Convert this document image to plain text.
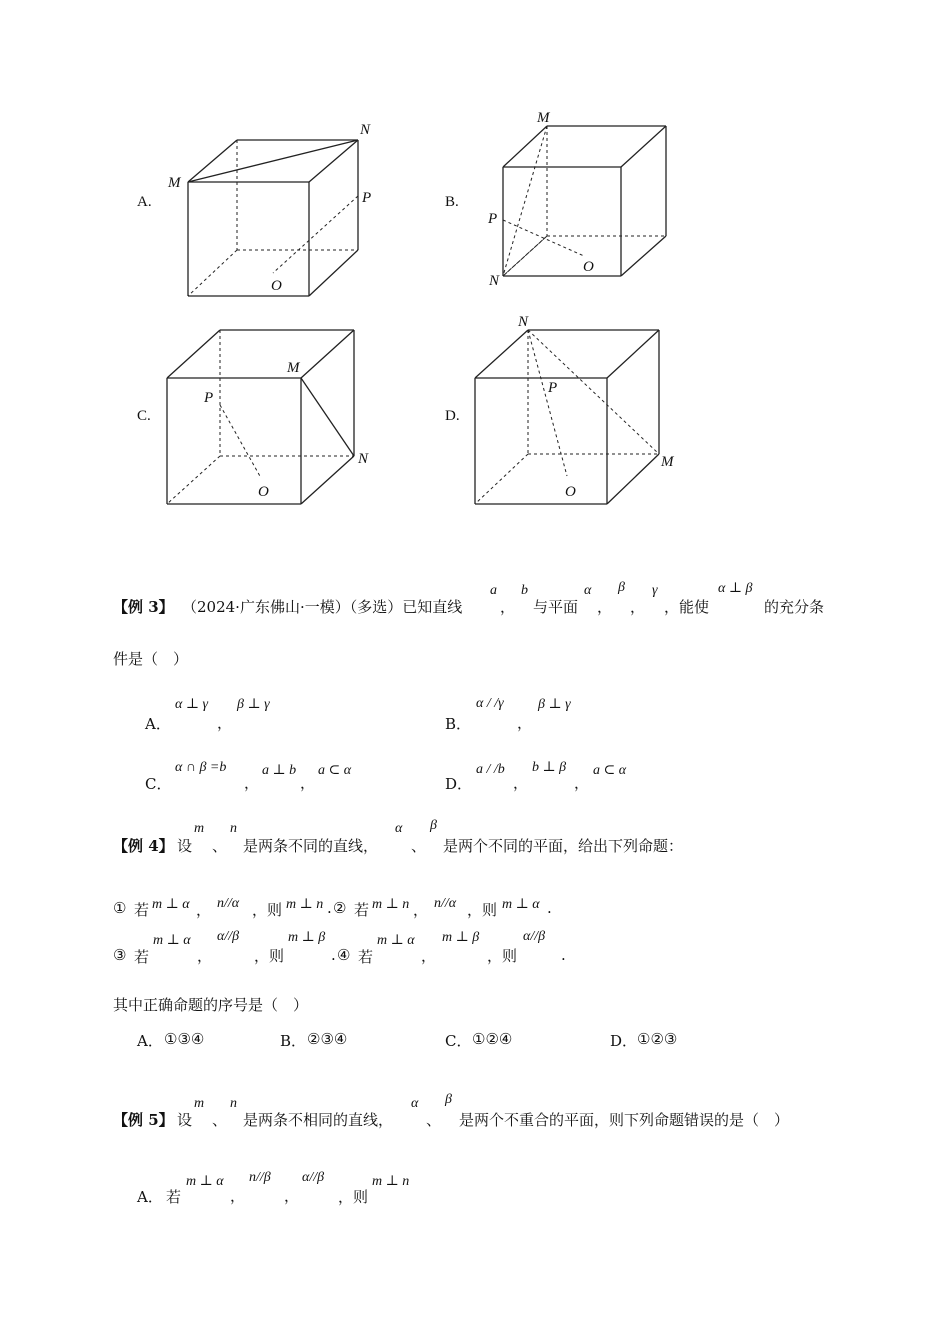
A.
M
N
P
O
B.
M
N
P
O
C.
M
N
P
O
D.
M
N
P
O
【例 3】 （2024·广东佛山·一模）（多选）已知直线
a
，
b
与平面
α
，
β
，
γ
，能使
α ⊥ β
的充分条
件是（　）
A．
α ⊥ γ
，
β ⊥ γ
B．
α / /γ
，
β ⊥ γ
C．
α ∩ β =b
，
a ⊥ b
，
a ⊂ α
D．
a / /b
，
b ⊥ β
，
a ⊂ α
【例 4】 设
m
、
n
是两条不同的直线，
α
、
β
是两个不同的平面，给出下列命题：
① 若 m ⊥ α ， n//α ，则 m ⊥ n . ② 若 m ⊥ n ， n//α ，则 m ⊥ α .
③ 若
m ⊥ α
，
α//β
，则
m ⊥ β
. ④ 若
m ⊥ α
，
m ⊥ β
，则
α//β
.
其中正确命题的序号是（　）
A． ①③④	B． ②③④	C． ①②④	D． ①②③
【例 5】 设
m
、
n
是两条不相同的直线，
α
、
β
是两个不重合的平面，则下列命题错误的是（　）
A． 若
m ⊥ α
，
n//β
，
α//β
，则
m ⊥ n
